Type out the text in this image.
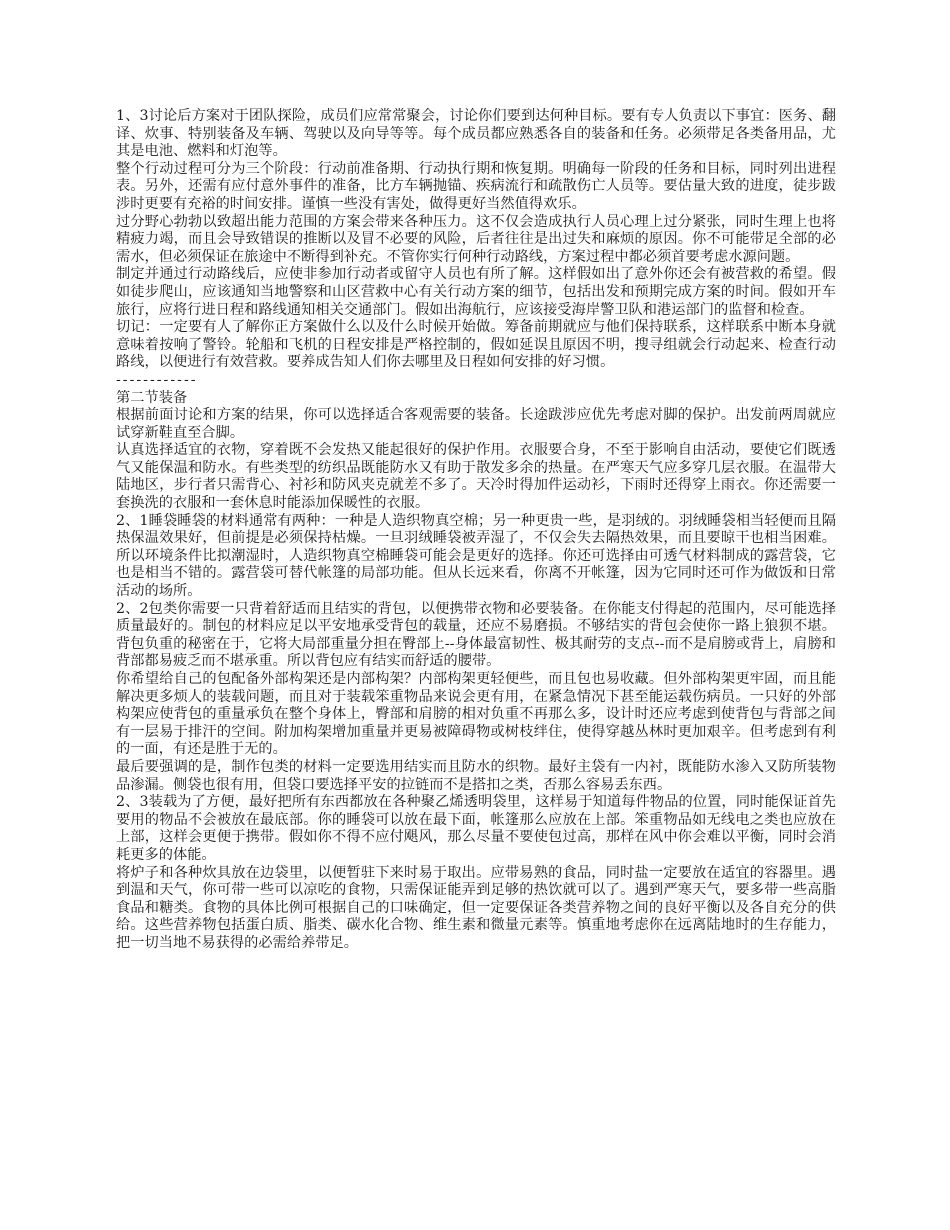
1、3讨论后方案对于团队探险，成员们应常常聚会，讨论你们要到达何种目标。要有专人负责以下事宜：医务、翻译、炊事、特别装备及车辆、驾驶以及向导等等。每个成员都应熟悉各自的装备和任务。必须带足各类备用品，尤其是电池、燃料和灯泡等。

整个行动过程可分为三个阶段：行动前准备期、行动执行期和恢复期。明确每一阶段的任务和目标，同时列出进程表。另外，还需有应付意外事件的准备，比方车辆抛锚、疾病流行和疏散伤亡人员等。要估量大致的进度，徒步跋涉时更要有充裕的时间安排。谨慎一些没有害处，做得更好当然值得欢乐。

过分野心勃勃以致超出能力范围的方案会带来各种压力。这不仅会造成执行人员心理上过分紧张，同时生理上也将精疲力竭，而且会导致错误的推断以及冒不必要的风险，后者往往是出过失和麻烦的原因。你不可能带足全部的必需水，但必须保证在旅途中不断得到补充。不管你实行何种行动路线，方案过程中都必须首要考虑水源问题。

制定并通过行动路线后，应使非参加行动者或留守人员也有所了解。这样假如出了意外你还会有被营救的希望。假如徒步爬山，应该通知当地警察和山区营救中心有关行动方案的细节，包括出发和预期完成方案的时间。假如开车旅行，应将行进日程和路线通知相关交通部门。假如出海航行，应该接受海岸警卫队和港运部门的监督和检查。

切记：一定要有人了解你正方案做什么以及什么时候开始做。筹备前期就应与他们保持联系，这样联系中断本身就意味着按响了警铃。轮船和飞机的日程安排是严格控制的，假如延误且原因不明，搜寻组就会行动起来、检查行动路线，以便进行有效营救。要养成告知人们你去哪里及日程如何安排的好习惯。

------------

第二节装备

根据前面讨论和方案的结果，你可以选择适合客观需要的装备。长途跋涉应优先考虑对脚的保护。出发前两周就应试穿新鞋直至合脚。

认真选择适宜的衣物，穿着既不会发热又能起很好的保护作用。衣服要合身，不至于影响自由活动，要使它们既透气又能保温和防水。有些类型的纺织品既能防水又有助于散发多余的热量。在严寒天气应多穿几层衣服。在温带大陆地区，步行者只需背心、衬衫和防风夹克就差不多了。天冷时得加件运动衫，下雨时还得穿上雨衣。你还需要一套换洗的衣服和一套休息时能添加保暖性的衣服。

2、1睡袋睡袋的材料通常有两种：一种是人造织物真空棉；另一种更贵一些，是羽绒的。羽绒睡袋相当轻便而且隔热保温效果好，但前提是必须保持枯燥。一旦羽绒睡袋被弄湿了，不仅会失去隔热效果，而且要晾干也相当困难。所以环境条件比拟潮湿时，人造织物真空棉睡袋可能会是更好的选择。你还可选择由可透气材料制成的露营袋，它也是相当不错的。露营袋可替代帐篷的局部功能。但从长远来看，你离不开帐篷，因为它同时还可作为做饭和日常活动的场所。

2、2包类你需要一只背着舒适而且结实的背包，以便携带衣物和必要装备。在你能支付得起的范围内，尽可能选择质量最好的。制包的材料应足以平安地承受背包的载量，还应不易磨损。不够结实的背包会使你一路上狼狈不堪。背包负重的秘密在于，它将大局部重量分担在臀部上--身体最富韧性、极其耐劳的支点--而不是肩膀或背上，肩膀和背部都易疲乏而不堪承重。所以背包应有结实而舒适的腰带。

你希望给自己的包配备外部构架还是内部构架？内部构架更轻便些，而且包也易收藏。但外部构架更牢固，而且能解决更多烦人的装载问题，而且对于装载笨重物品来说会更有用，在紧急情况下甚至能运载伤病员。一只好的外部构架应使背包的重量承负在整个身体上，臀部和肩膀的相对负重不再那么多，设计时还应考虑到使背包与背部之间有一层易于排汗的空间。附加构架增加重量并更易被障碍物或树枝绊住，使得穿越丛林时更加艰辛。但考虑到有利的一面，有还是胜于无的。

最后要强调的是，制作包类的材料一定要选用结实而且防水的织物。最好主袋有一内衬，既能防水渗入又防所装物品渗漏。侧袋也很有用，但袋口要选择平安的拉链而不是搭扣之类，否那么容易丢东西。

2、3装载为了方便，最好把所有东西都放在各种聚乙烯透明袋里，这样易于知道每件物品的位置，同时能保证首先要用的物品不会被放在最底部。你的睡袋可以放在最下面，帐篷那么应放在上部。笨重物品如无线电之类也应放在上部，这样会更便于携带。假如你不得不应付飓风，那么尽量不要使包过高，那样在风中你会难以平衡，同时会消耗更多的体能。

将炉子和各种炊具放在边袋里，以便暂驻下来时易于取出。应带易熟的食品，同时盐一定要放在适宜的容器里。遇到温和天气，你可带一些可以凉吃的食物，只需保证能弄到足够的热饮就可以了。遇到严寒天气，要多带一些高脂食品和糖类。食物的具体比例可根据自己的口味确定，但一定要保证各类营养物之间的良好平衡以及各自充分的供给。这些营养物包括蛋白质、脂类、碳水化合物、维生素和微量元素等。慎重地考虑你在远离陆地时的生存能力，把一切当地不易获得的必需给养带足。
